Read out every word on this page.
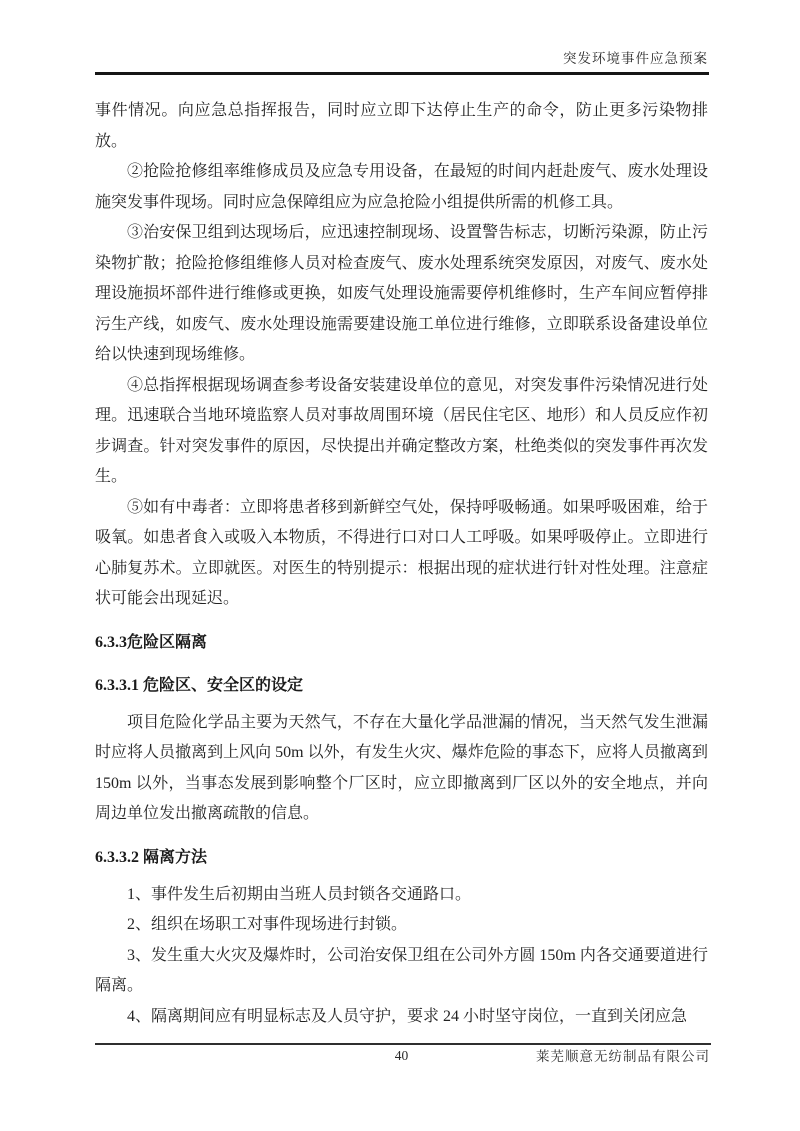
突发环境事件应急预案

事件情况。向应急总指挥报告，同时应立即下达停止生产的命令，防止更多污染物排放。

②抢险抢修组率维修成员及应急专用设备，在最短的时间内赶赴废气、废水处理设施突发事件现场。同时应急保障组应为应急抢险小组提供所需的机修工具。

③治安保卫组到达现场后，应迅速控制现场、设置警告标志，切断污染源，防止污染物扩散；抢险抢修组维修人员对检查废气、废水处理系统突发原因，对废气、废水处理设施损坏部件进行维修或更换，如废气处理设施需要停机维修时，生产车间应暂停排污生产线，如废气、废水处理设施需要建设施工单位进行维修，立即联系设备建设单位给以快速到现场维修。

④总指挥根据现场调查参考设备安装建设单位的意见，对突发事件污染情况进行处理。迅速联合当地环境监察人员对事故周围环境（居民住宅区、地形）和人员反应作初步调查。针对突发事件的原因，尽快提出并确定整改方案，杜绝类似的突发事件再次发生。

⑤如有中毒者：立即将患者移到新鲜空气处，保持呼吸畅通。如果呼吸困难，给于吸氧。如患者食入或吸入本物质，不得进行口对口人工呼吸。如果呼吸停止。立即进行心肺复苏术。立即就医。对医生的特别提示：根据出现的症状进行针对性处理。注意症状可能会出现延迟。

6.3.3危险区隔离
6.3.3.1 危险区、安全区的设定

项目危险化学品主要为天然气，不存在大量化学品泄漏的情况，当天然气发生泄漏时应将人员撤离到上风向 50m 以外，有发生火灾、爆炸危险的事态下，应将人员撤离到 150m 以外，当事态发展到影响整个厂区时，应立即撤离到厂区以外的安全地点，并向周边单位发出撤离疏散的信息。

6.3.3.2 隔离方法

1、事件发生后初期由当班人员封锁各交通路口。

2、组织在场职工对事件现场进行封锁。

3、发生重大火灾及爆炸时，公司治安保卫组在公司外方圆 150m 内各交通要道进行隔离。

4、隔离期间应有明显标志及人员守护，要求 24 小时坚守岗位，一直到关闭应急

40	莱芜顺意无纺制品有限公司
